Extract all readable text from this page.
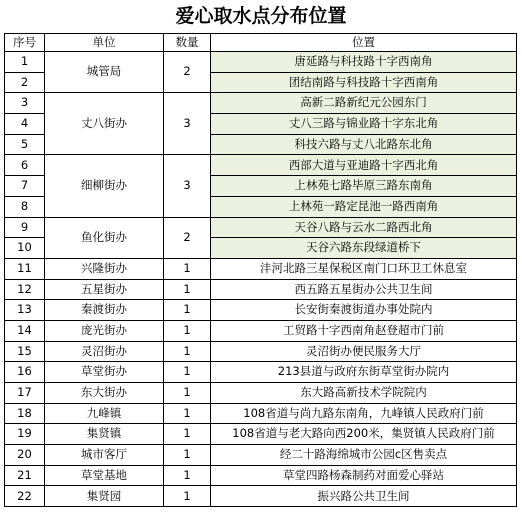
爱心取水点分布位置
序号	单位	数量	位置
1	城管局	2	唐延路与科技路十字西南角
2			团结南路与科技路十字西南角
3	丈八街办	3	高新二路新纪元公园东门
4			丈八三路与锦业路十字东北角
5			科技六路与丈八北路东北角
6	细柳街办	3	西部大道与亚迪路十字西北角
7			上林苑七路毕原三路东南角
8			上林苑一路定昆池一路西南角
9	鱼化街办	2	天谷八路与云水二路西北角
10			天谷六路东段绿道桥下
11	兴隆街办	1	沣河北路三星保税区南门口环卫工休息室
12	五星街办	1	西五路五星街办公共卫生间
13	秦渡街办	1	长安街秦渡街道办事处院内
14	庞光街办	1	工贸路十字西南角赵登超市门前
15	灵沼街办	1	灵沼街办便民服务大厅
16	草堂街办	1	213县道与政府东街草堂街办院内
17	东大街办	1	东大路高新技术学院院内
18	九峰镇	1	108省道与尚九路东南角，九峰镇人民政府门前
19	集贤镇	1	108省道与老大路向西200米，集贤镇人民政府门前
20	城市客厅	1	经二十路海绵城市公园c区售卖点
21	草堂基地	1	草堂四路杨森制药对面爱心驿站
22	集贤园	1	振兴路公共卫生间
